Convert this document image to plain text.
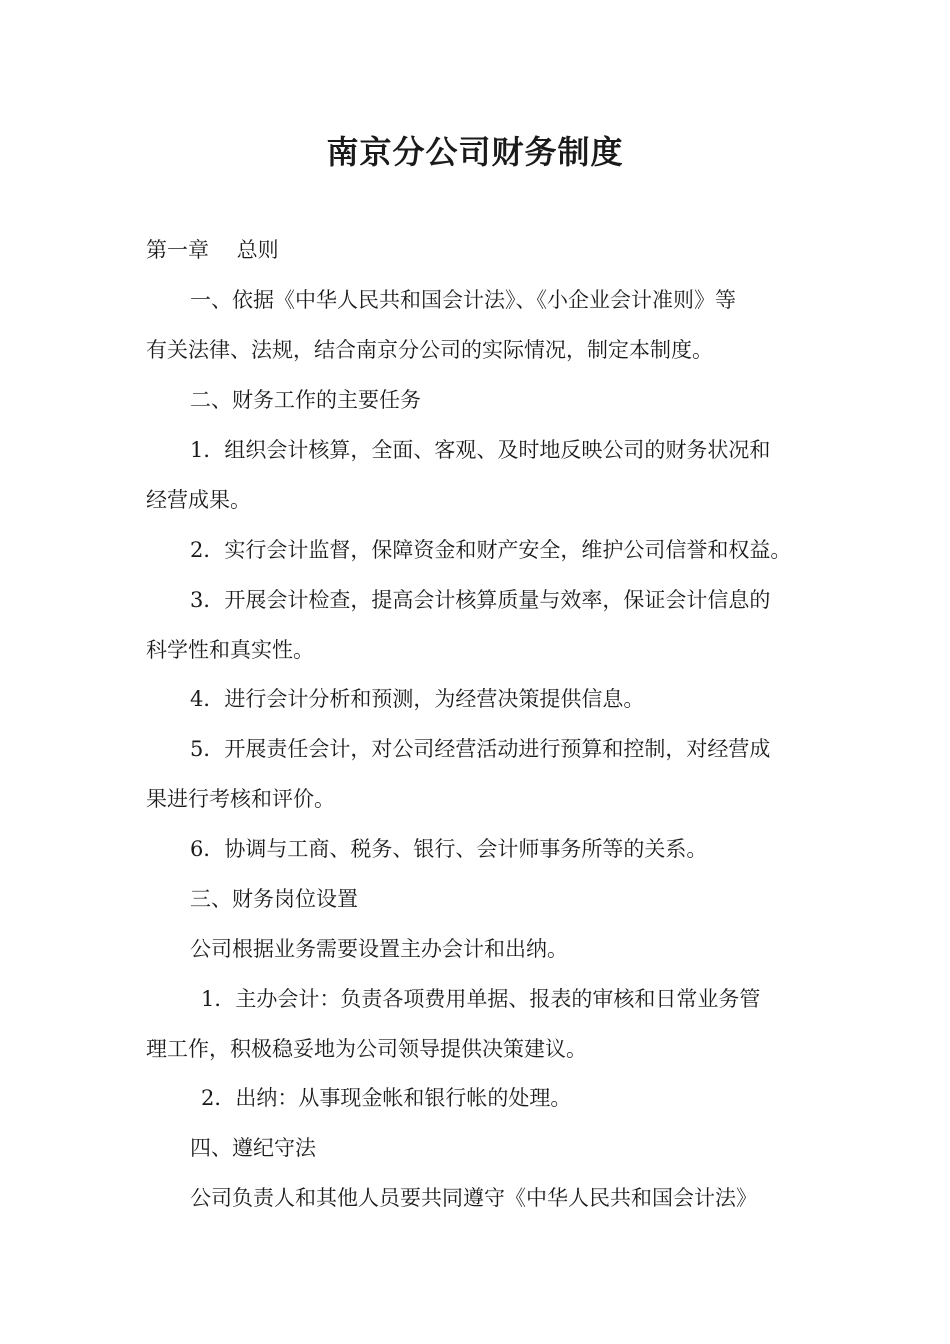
南京分公司财务制度

第一章　 总则

一、依据《中华人民共和国会计法》、《小企业会计准则》等

有关法律、法规，结合南京分公司的实际情况，制定本制度。

二、财务工作的主要任务

1．组织会计核算，全面、客观、及时地反映公司的财务状况和

经营成果。

2．实行会计监督，保障资金和财产安全，维护公司信誉和权益。

3．开展会计检查，提高会计核算质量与效率，保证会计信息的

科学性和真实性。

4．进行会计分析和预测，为经营决策提供信息。

5．开展责任会计，对公司经营活动进行预算和控制，对经营成

果进行考核和评价。

6．协调与工商、税务、银行、会计师事务所等的关系。

三、财务岗位设置

公司根据业务需要设置主办会计和出纳。

1．主办会计：负责各项费用单据、报表的审核和日常业务管

理工作，积极稳妥地为公司领导提供决策建议。

2．出纳：从事现金帐和银行帐的处理。

四、遵纪守法

公司负责人和其他人员要共同遵守《中华人民共和国会计法》
